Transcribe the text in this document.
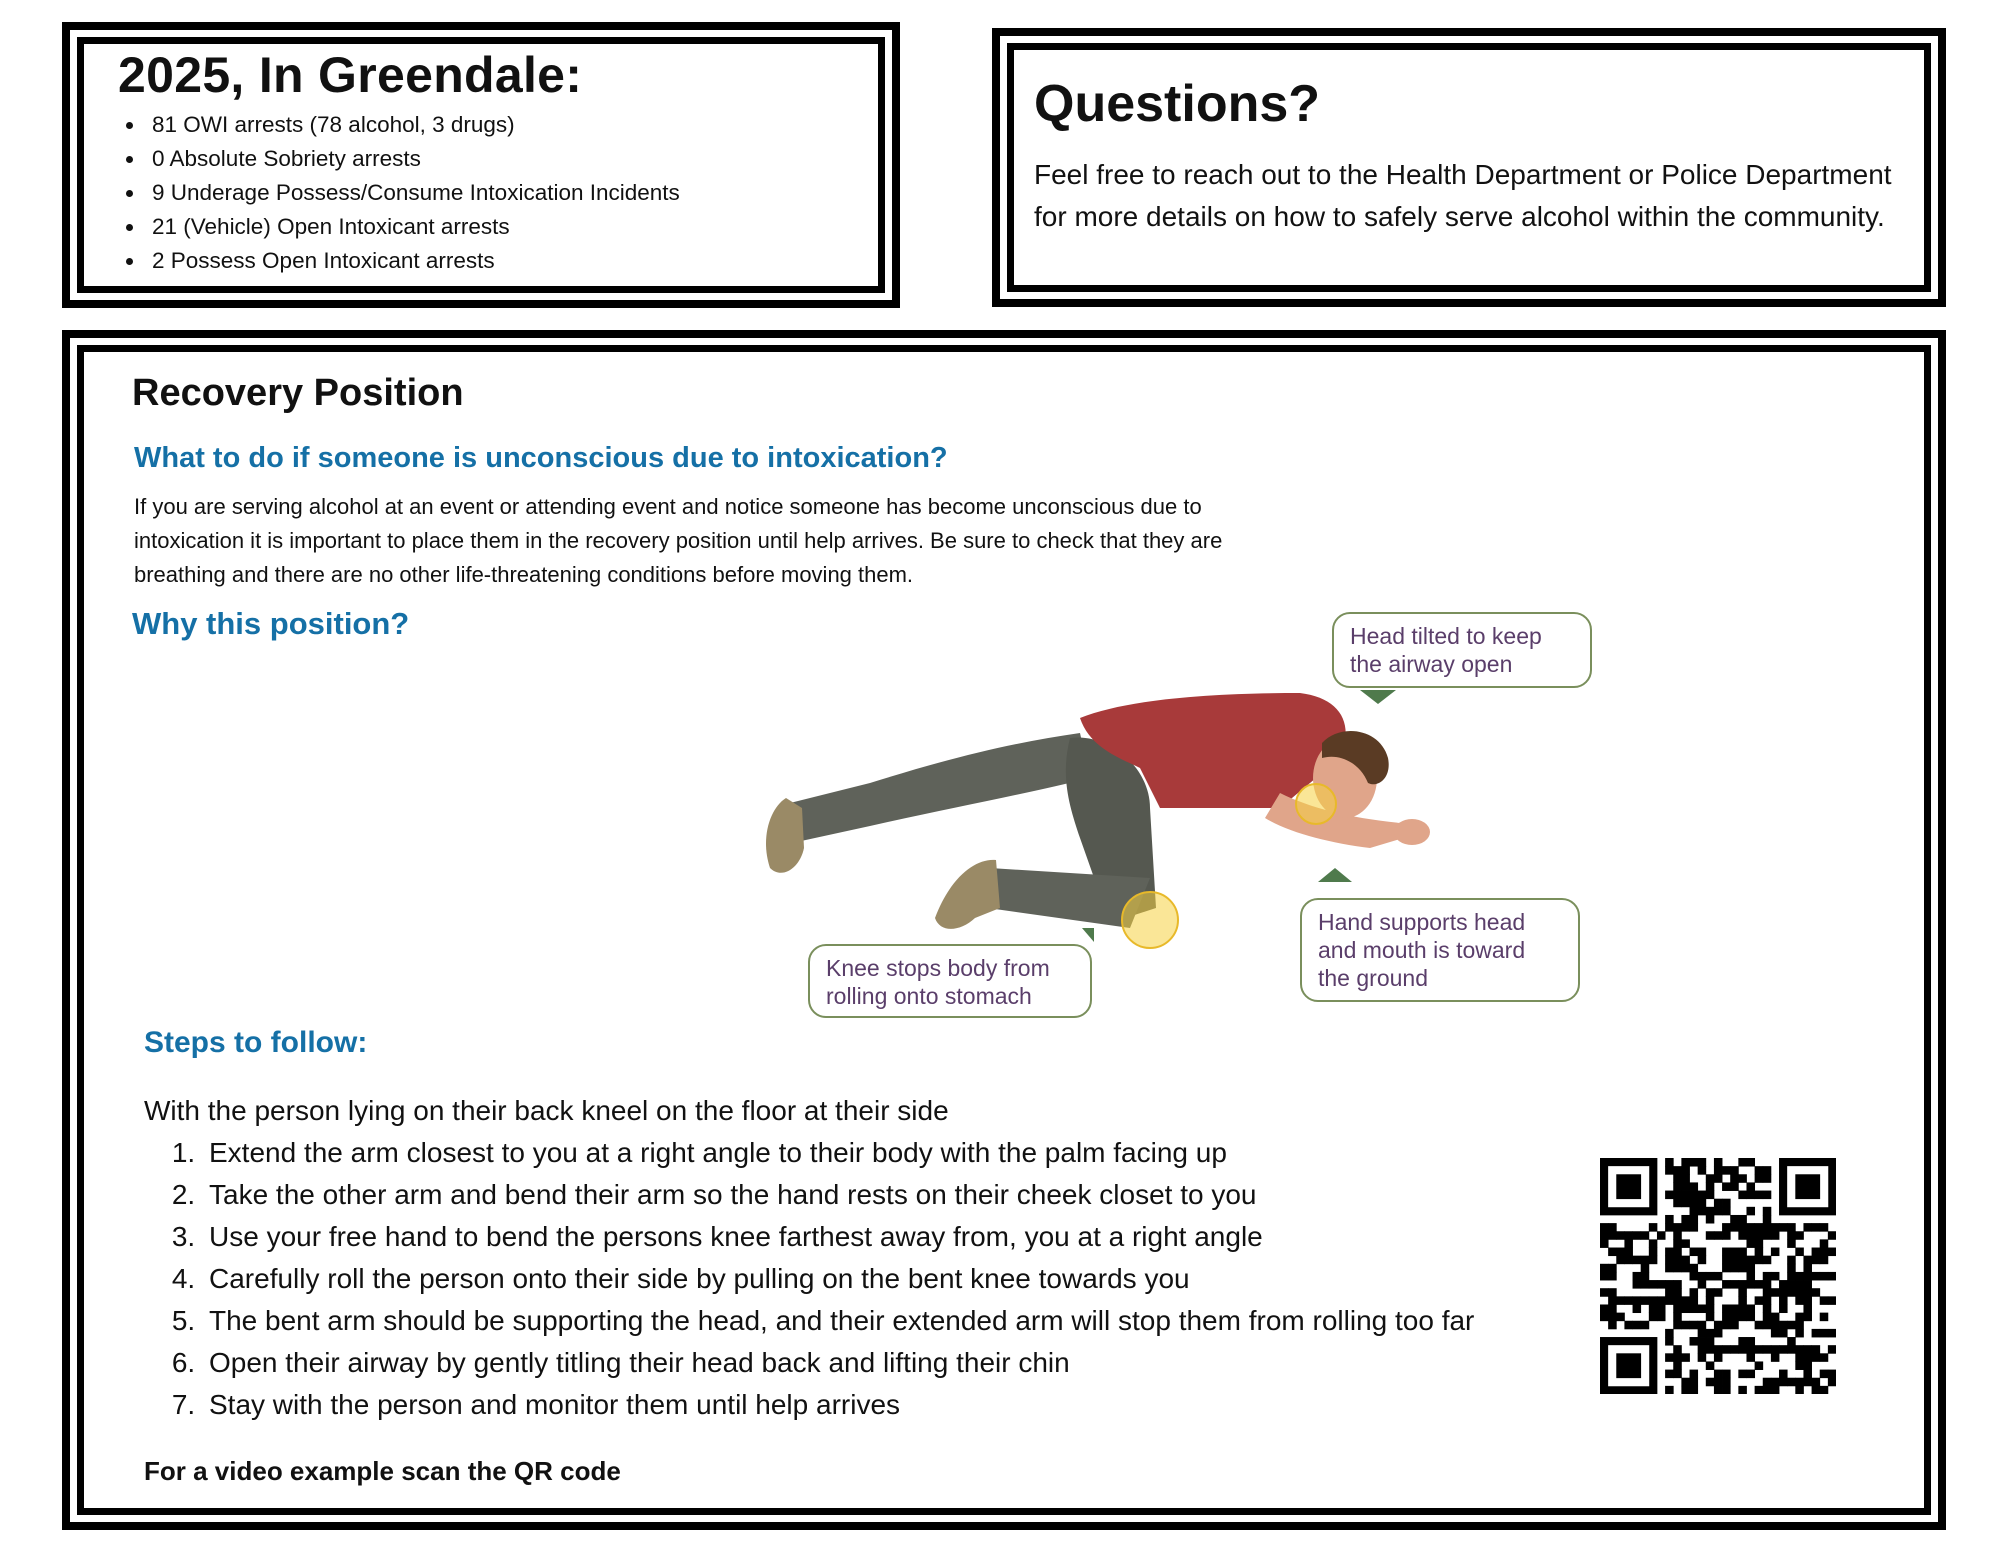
2025, In Greendale:
• 81 OWI arrests (78 alcohol, 3 drugs)
• 0 Absolute Sobriety arrests
• 9 Underage Possess/Consume Intoxication Incidents
• 21 (Vehicle) Open Intoxicant arrests
• 2 Possess Open Intoxicant arrests
Questions?

Feel free to reach out to the Health Department or Police Department for more details on how to safely serve alcohol within the community.

Recovery Position
What to do if someone is unconscious due to intoxication?

If you are serving alcohol at an event or attending event and notice someone has become unconscious due to intoxication it is important to place them in the recovery position until help arrives. Be sure to check that they are breathing and there are no other life-threatening conditions before moving them.

Why this position?	Head tilted to keep the airway open
Hand supports head and mouth is toward the ground
Knee stops body from rolling onto stomach
Steps to follow:

With the person lying on their back kneel on the floor at their side

1. Extend the arm closest to you at a right angle to their body with the palm facing up
2. Take the other arm and bend their arm so the hand rests on their cheek closet to you
3. Use your free hand to bend the persons knee farthest away from, you at a right angle
4. Carefully roll the person onto their side by pulling on the bent knee towards you
5. The bent arm should be supporting the head, and their extended arm will stop them from rolling too far
6. Open their airway by gently titling their head back and lifting their chin
7. Stay with the person and monitor them until help arrives

For a video example scan the QR code
